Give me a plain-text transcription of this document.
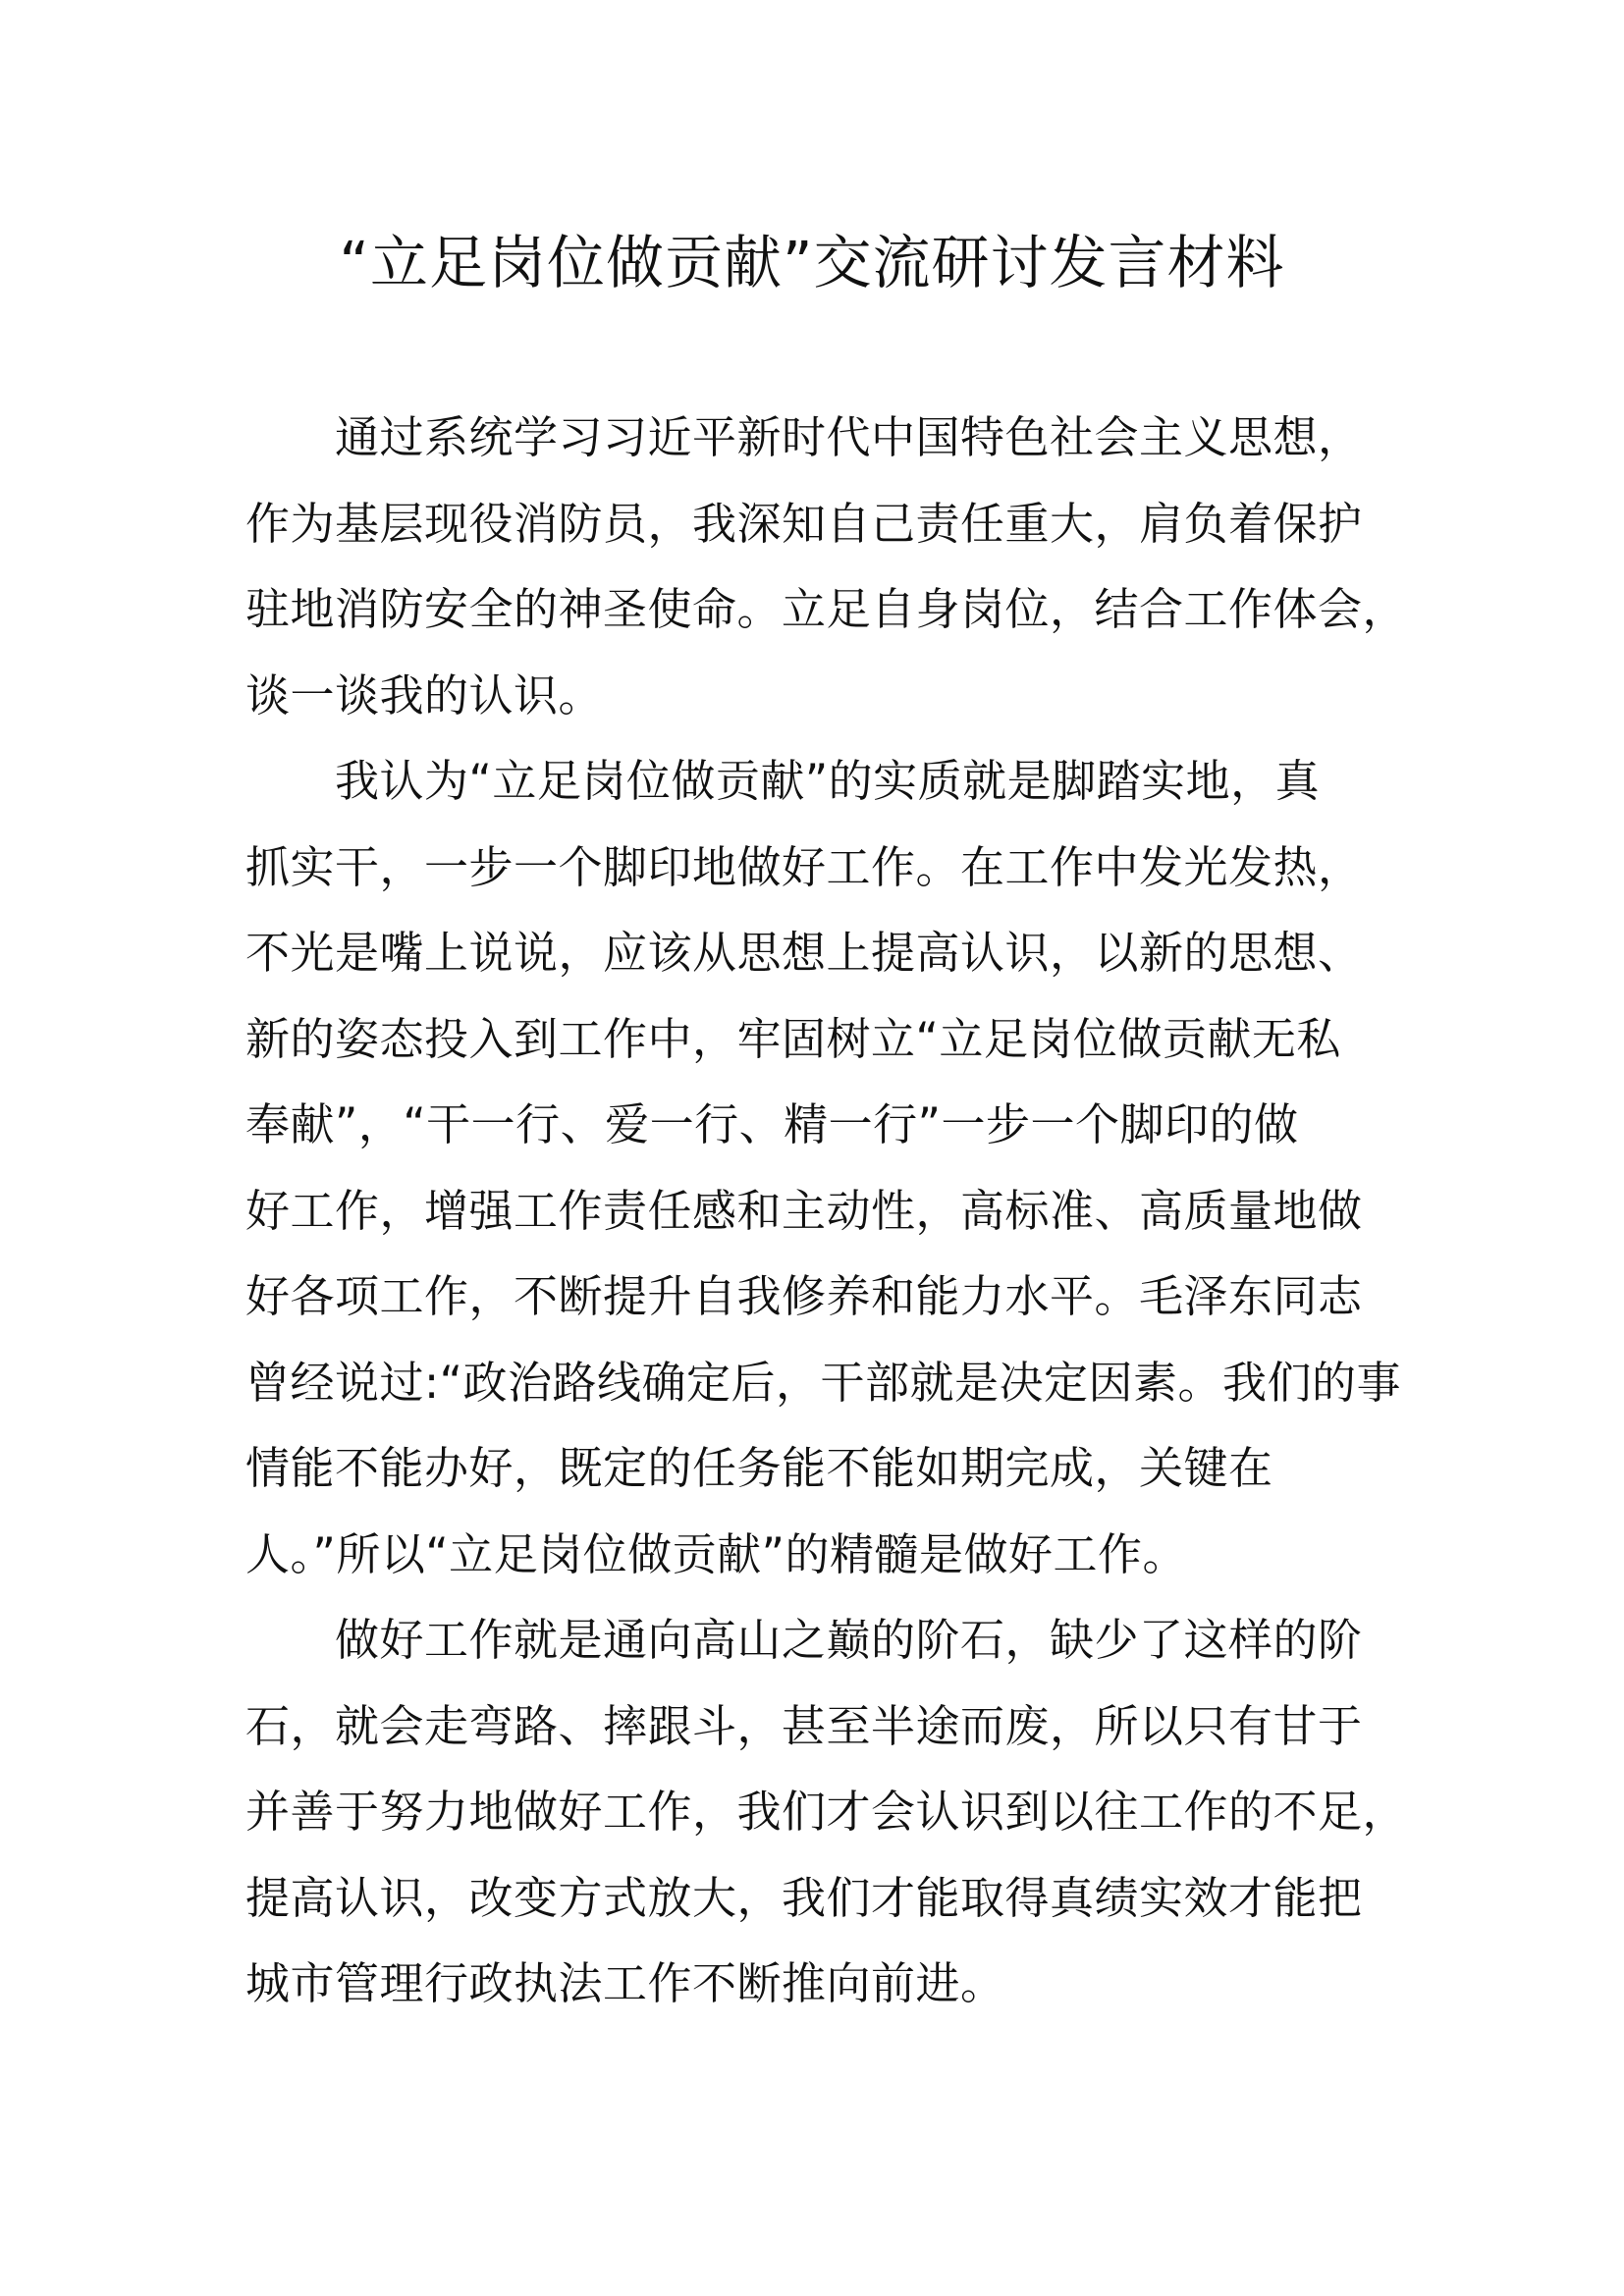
“立足岗位做贡献”交流研讨发言材料
通过系统学习习近平新时代中国特色社会主义思想，
作为基层现役消防员，我深知自己责任重大，肩负着保护
驻地消防安全的神圣使命。立足自身岗位，结合工作体会，
谈一谈我的认识。
我认为“立足岗位做贡献”的实质就是脚踏实地，真
抓实干，一步一个脚印地做好工作。在工作中发光发热，
不光是嘴上说说，应该从思想上提高认识，以新的思想、
新的姿态投入到工作中，牢固树立“立足岗位做贡献无私
奉献”，“干一行、爱一行、精一行”一步一个脚印的做
好工作，增强工作责任感和主动性，高标准、高质量地做
好各项工作，不断提升自我修养和能力水平。毛泽东同志
曾经说过:“政治路线确定后，干部就是决定因素。我们的事
情能不能办好，既定的任务能不能如期完成，关键在
人。”所以“立足岗位做贡献”的精髓是做好工作。
做好工作就是通向高山之巅的阶石，缺少了这样的阶
石，就会走弯路、摔跟斗，甚至半途而废，所以只有甘于
并善于努力地做好工作，我们才会认识到以往工作的不足，
提高认识，改变方式放大，我们才能取得真绩实效才能把
城市管理行政执法工作不断推向前进。
